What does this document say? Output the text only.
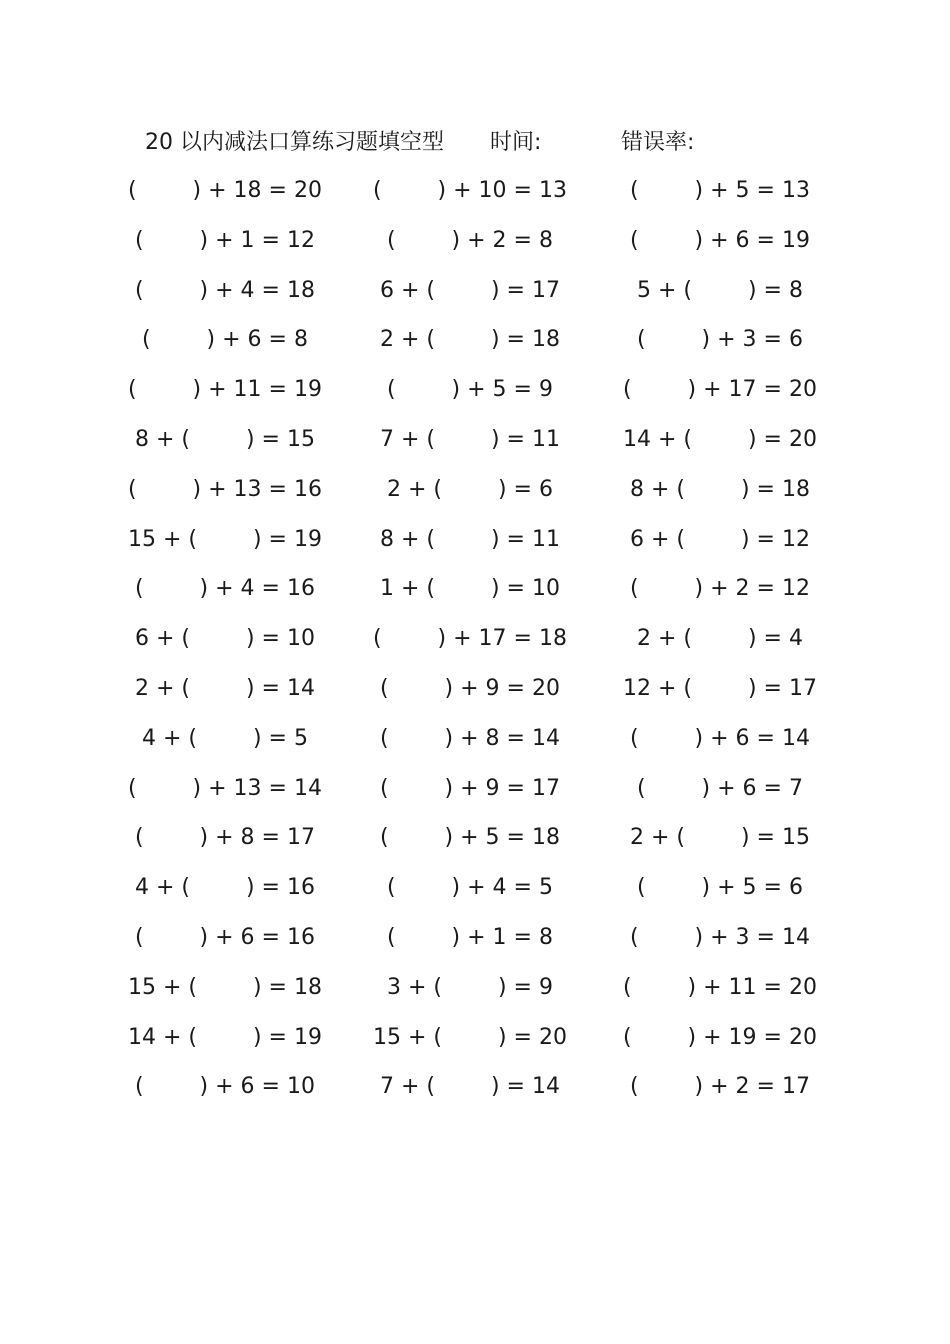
20 以内减法口算练习题填空型 时间:	错误率:
(        ) + 18 = 20	(        ) + 10 = 13	(        ) + 5 = 13
(        ) + 1 = 12	(        ) + 2 = 8	(        ) + 6 = 19
(        ) + 4 = 18	6 + (        ) = 17	5 + (        ) = 8
(        ) + 6 = 8	2 + (        ) = 18	(        ) + 3 = 6
(        ) + 11 = 19	(        ) + 5 = 9	(        ) + 17 = 20
8 + (        ) = 15	7 + (        ) = 11	14 + (        ) = 20
(        ) + 13 = 16	2 + (        ) = 6	8 + (        ) = 18
15 + (        ) = 19	8 + (        ) = 11	6 + (        ) = 12
(        ) + 4 = 16	1 + (        ) = 10	(        ) + 2 = 12
6 + (        ) = 10	(        ) + 17 = 18	2 + (        ) = 4
2 + (        ) = 14	(        ) + 9 = 20	12 + (        ) = 17
4 + (        ) = 5	(        ) + 8 = 14	(        ) + 6 = 14
(        ) + 13 = 14	(        ) + 9 = 17	(        ) + 6 = 7
(        ) + 8 = 17	(        ) + 5 = 18	2 + (        ) = 15
4 + (        ) = 16	(        ) + 4 = 5	(        ) + 5 = 6
(        ) + 6 = 16	(        ) + 1 = 8	(        ) + 3 = 14
15 + (        ) = 18	3 + (        ) = 9	(        ) + 11 = 20
14 + (        ) = 19	15 + (        ) = 20	(        ) + 19 = 20
(        ) + 6 = 10	7 + (        ) = 14	(        ) + 2 = 17
